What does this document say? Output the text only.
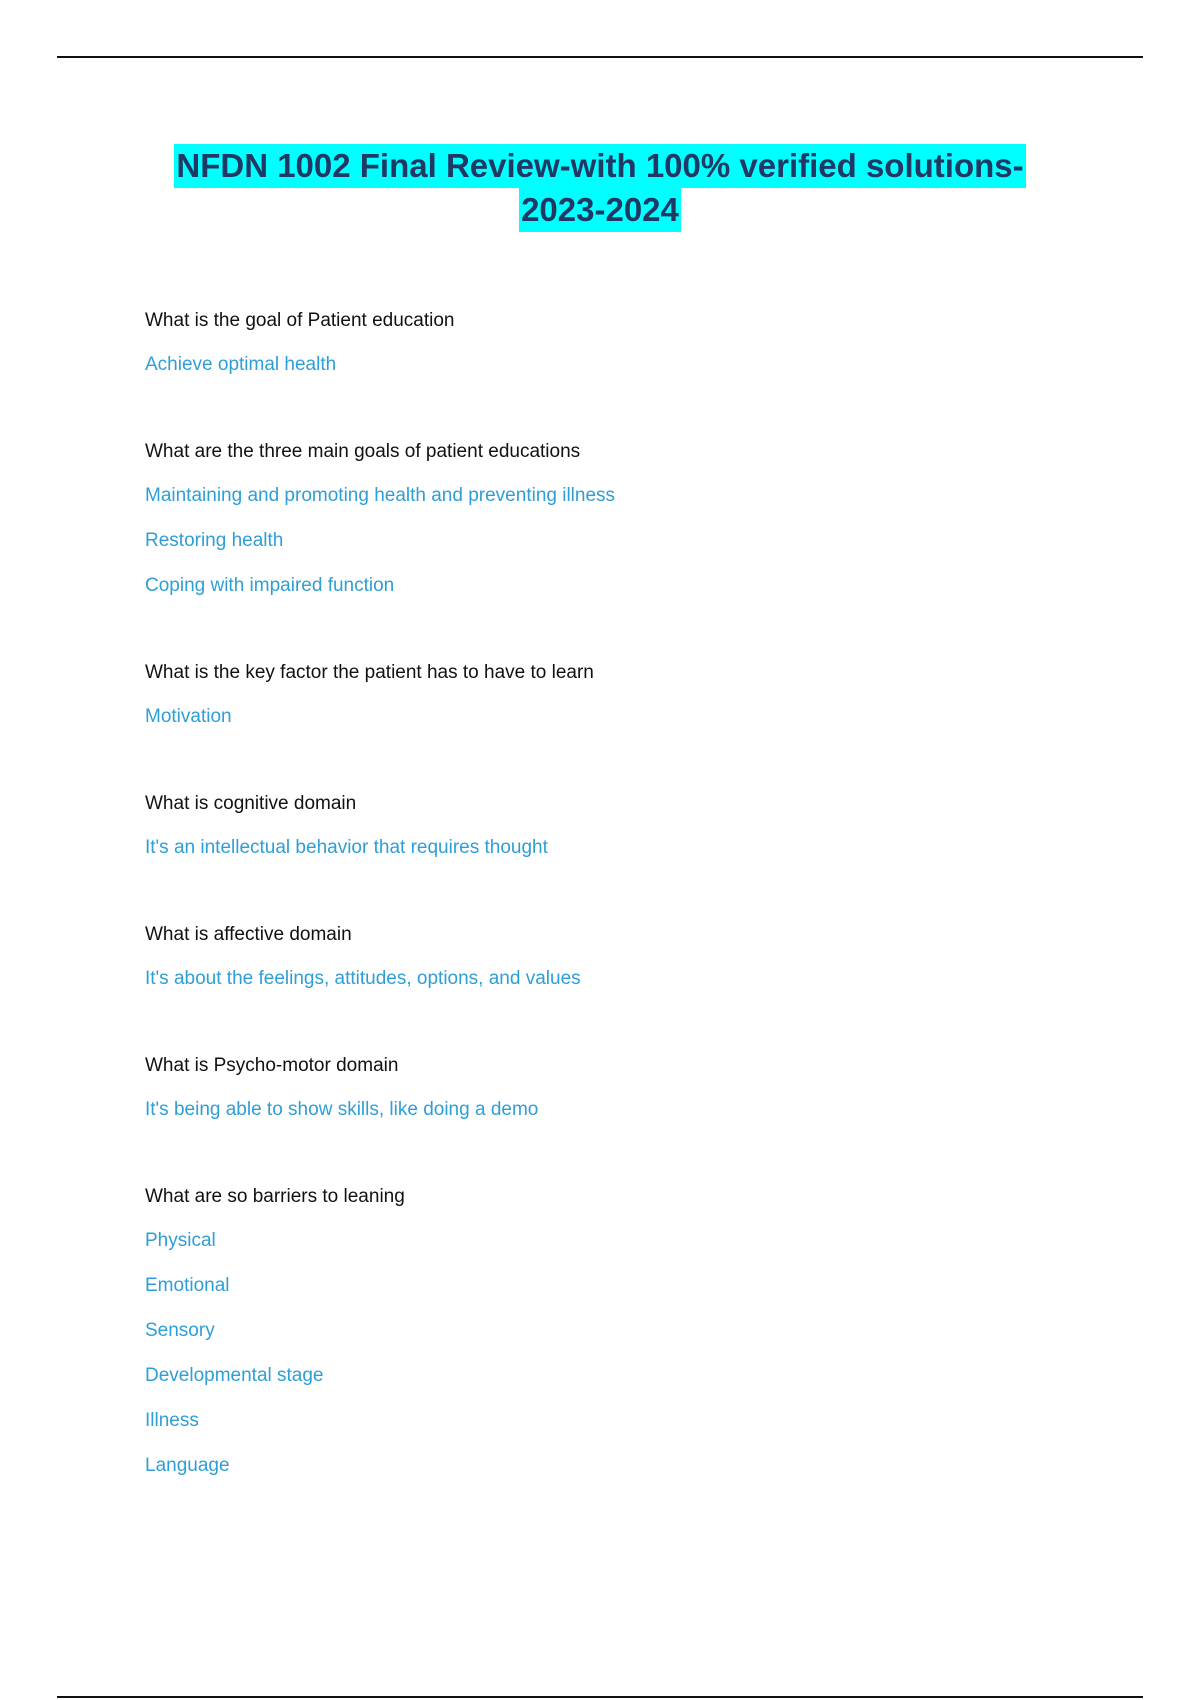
NFDN 1002 Final Review-with 100% verified solutions-
2023-2024
What is the goal of Patient education
Achieve optimal health
What are the three main goals of patient educations
Maintaining and promoting health and preventing illness
Restoring health
Coping with impaired function
What is the key factor the patient has to have to learn
Motivation
What is cognitive domain
It's an intellectual behavior that requires thought
What is affective domain
It's about the feelings, attitudes, options, and values
What is Psycho-motor domain
It's being able to show skills, like doing a demo
What are so barriers to leaning
Physical
Emotional
Sensory
Developmental stage
Illness
Language
